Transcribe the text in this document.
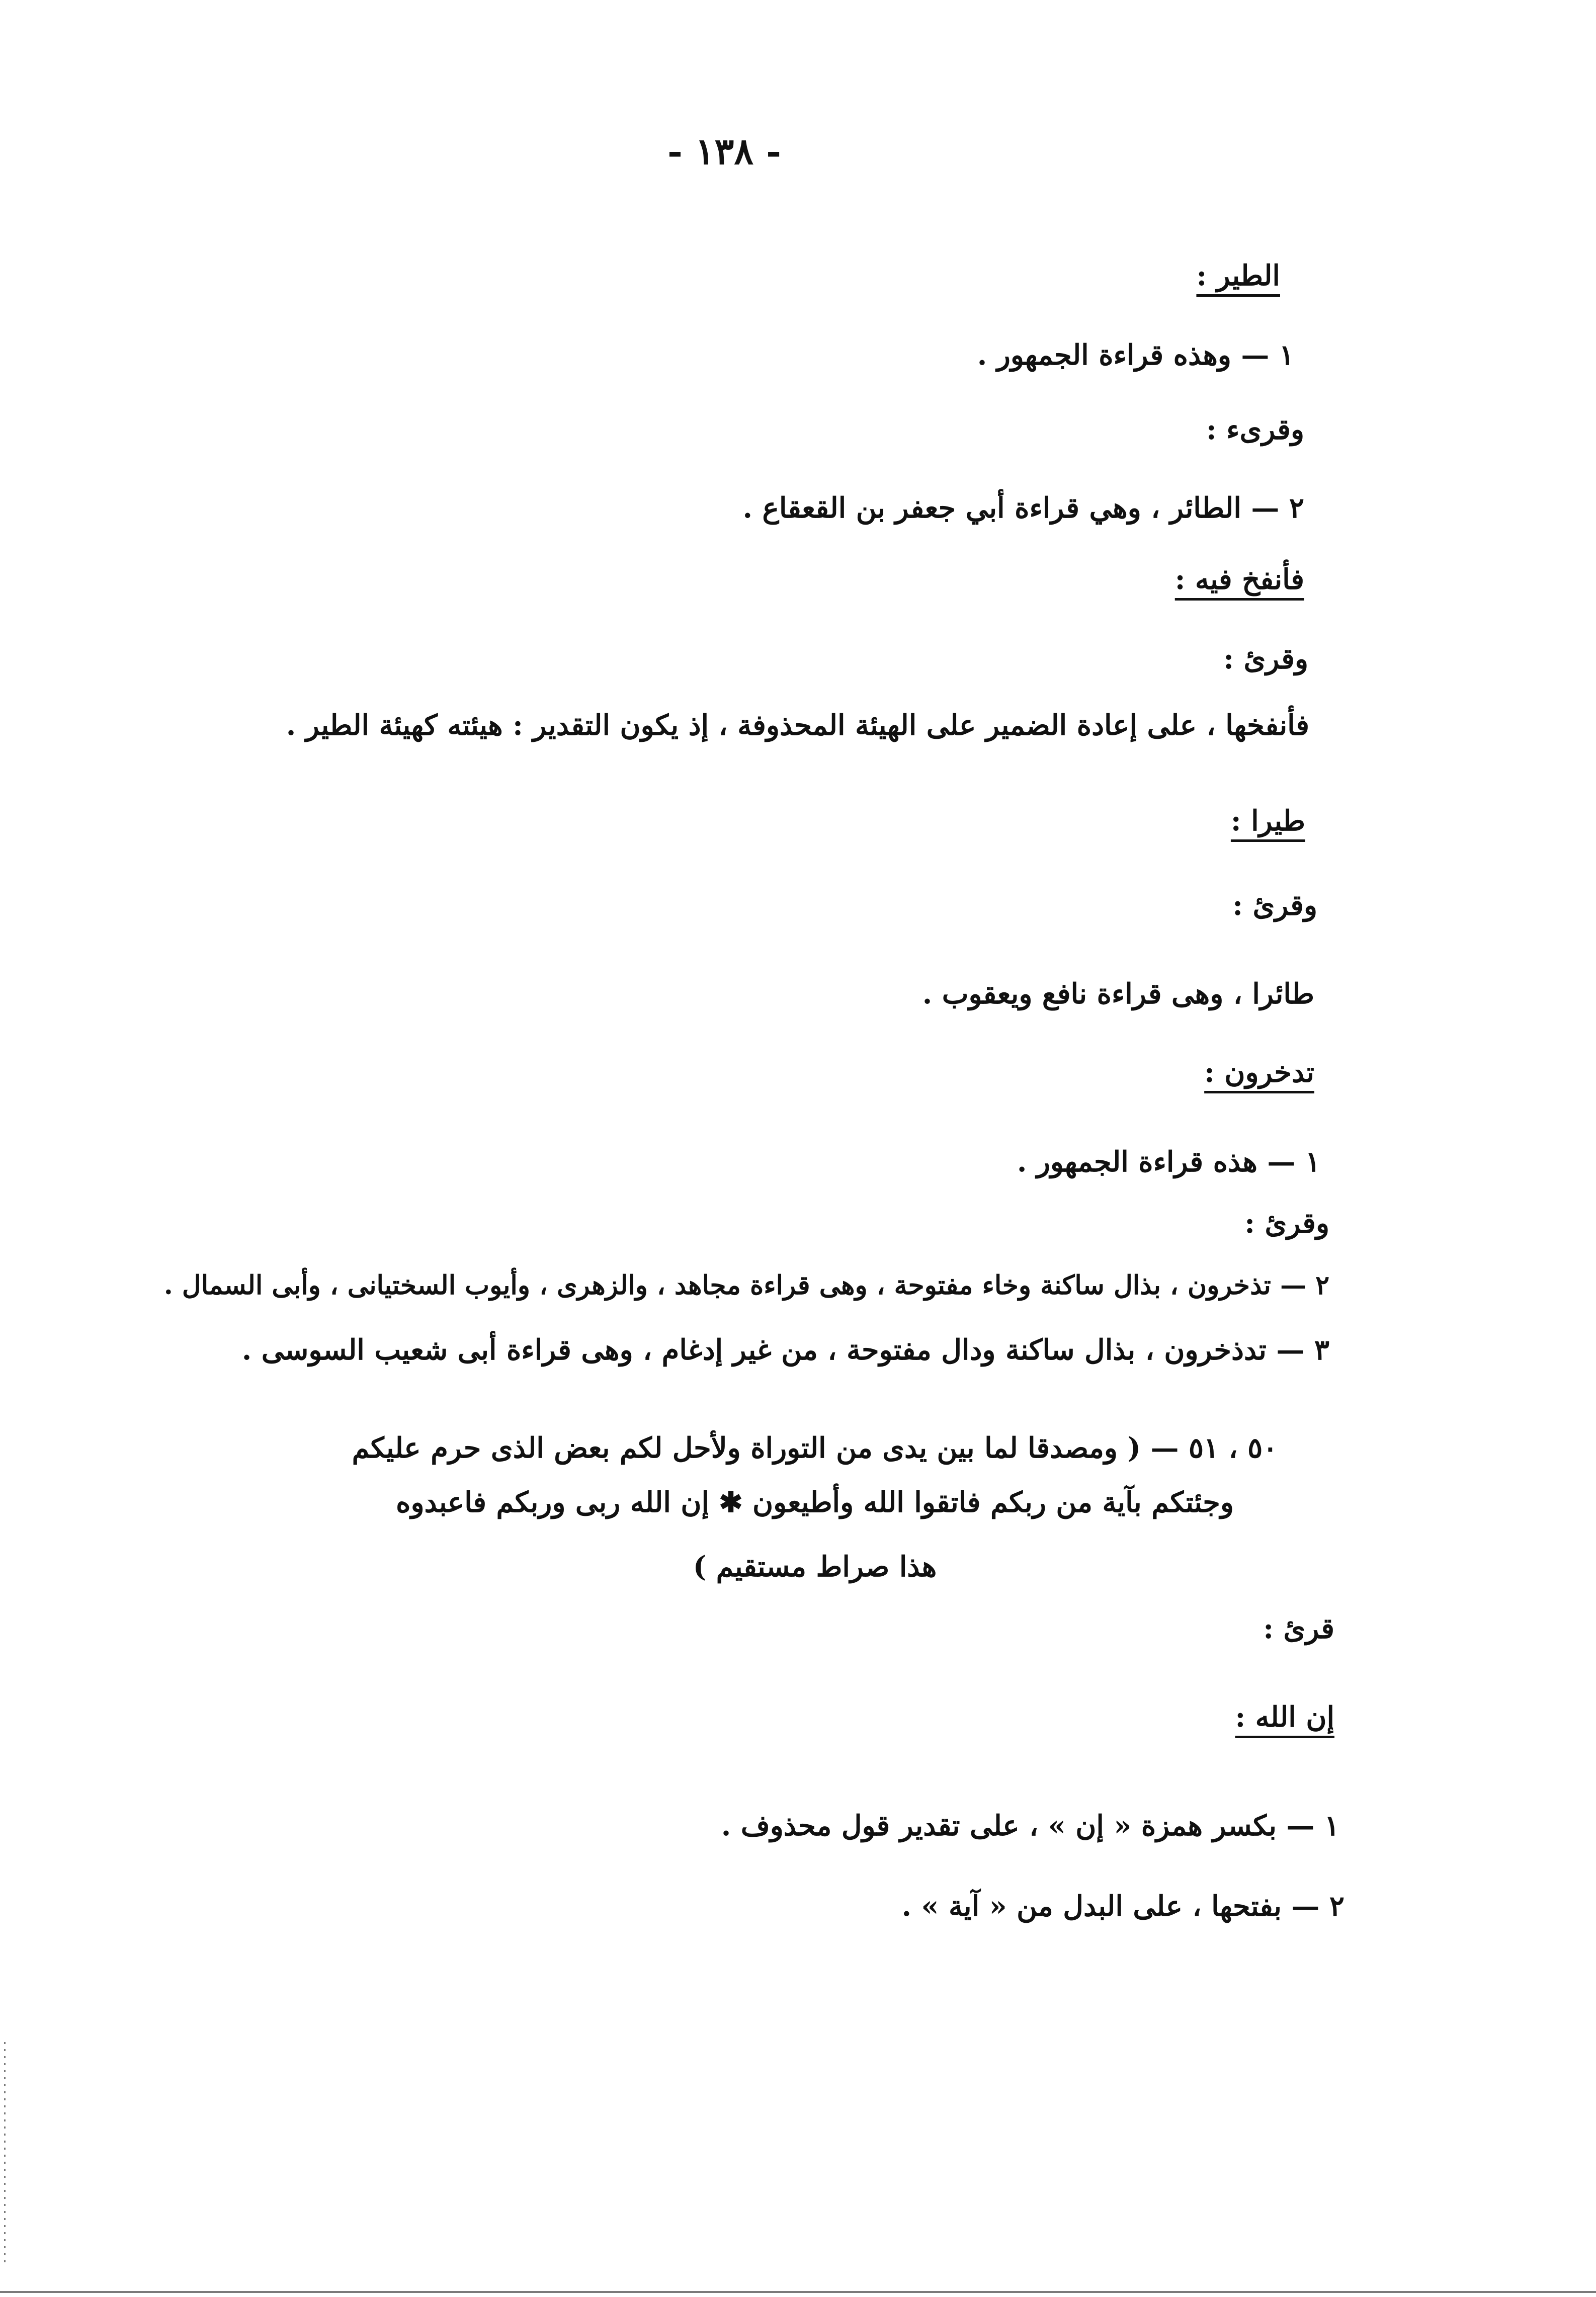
- ١٣٨ -
الطير :
١ — وهذه قراءة الجمهور .
وقرىء :
٢ — الطائر ، وهي قراءة أبي جعفر بن القعقاع .
فأنفخ فيه :
وقرئ :
فأنفخها ، على إعادة الضمير على الهيئة المحذوفة ، إذ يكون التقدير : هيئته كهيئة الطير .
طيرا :
وقرئ :
طائرا ، وهى قراءة نافع ويعقوب .
تدخرون :
١ — هذه قراءة الجمهور .
وقرئ :
٢ — تذخرون ، بذال ساكنة وخاء مفتوحة ، وهى قراءة مجاهد ، والزهرى ، وأيوب السختيانى ، وأبى السمال .
٣ — تدذخرون ، بذال ساكنة ودال مفتوحة ، من غير إدغام ، وهى قراءة أبى شعيب السوسى .
٥٠ ، ٥١ — ( ومصدقا لما بين يدى من التوراة ولأحل لكم بعض الذى حرم عليكم
وجئتكم بآية من ربكم فاتقوا الله وأطيعون ✱ إن الله ربى وربكم فاعبدوه
هذا صراط مستقيم )
قرئ :
إن الله :
١ — بكسر همزة « إن » ، على تقدير قول محذوف .
٢ — بفتحها ، على البدل من « آية » .
